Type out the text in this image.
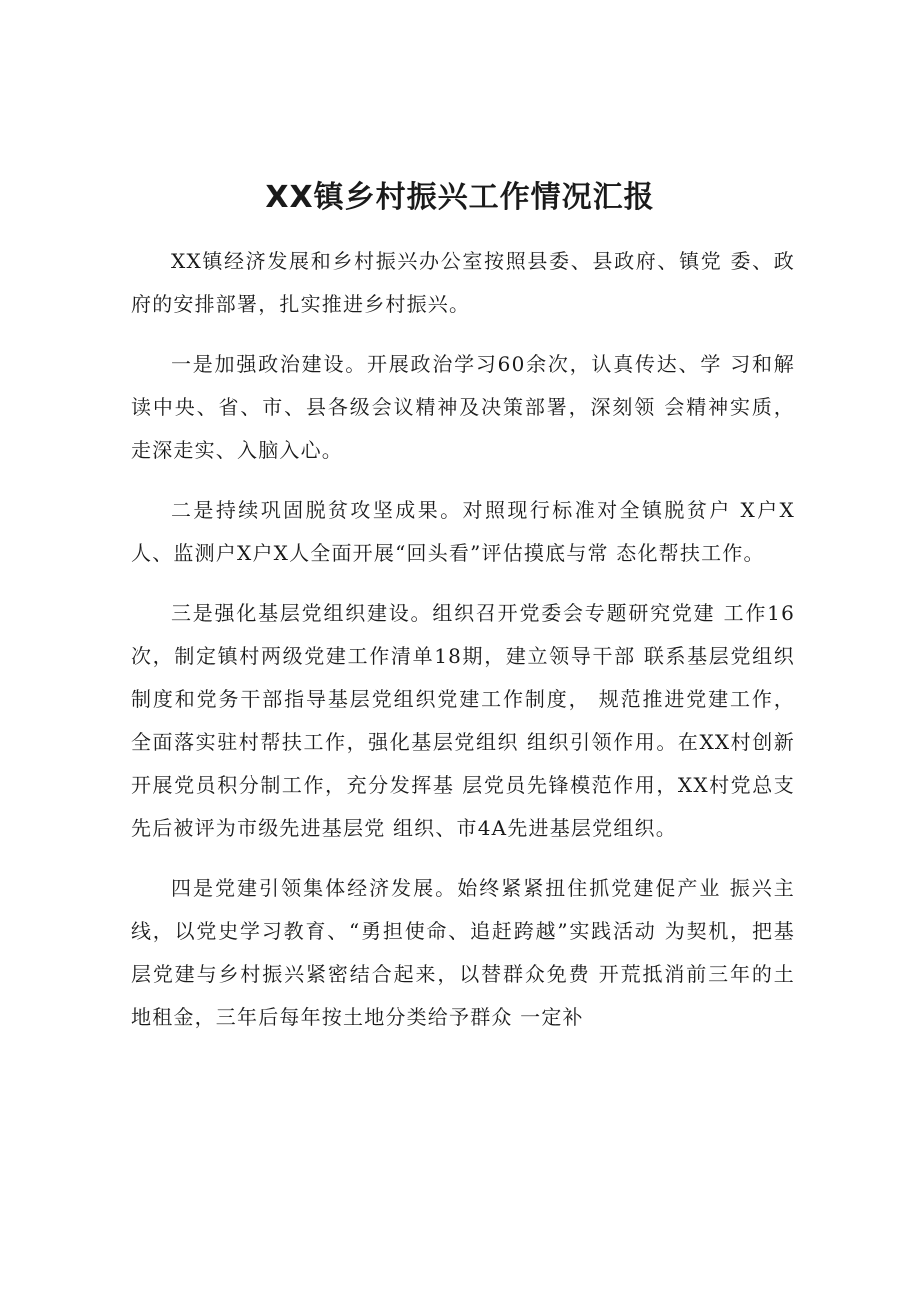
XX镇乡村振兴工作情况汇报

XX镇经济发展和乡村振兴办公室按照县委、县政府、镇党 委、政府的安排部署，扎实推进乡村振兴。

一是加强政治建设。开展政治学习60余次，认真传达、学 习和解读中央、省、市、县各级会议精神及决策部署，深刻领 会精神实质，走深走实、入脑入心。

二是持续巩固脱贫攻坚成果。对照现行标准对全镇脱贫户 X户X人、监测户X户X人全面开展“回头看”评估摸底与常 态化帮扶工作。

三是强化基层党组织建设。组织召开党委会专题研究党建 工作16次，制定镇村两级党建工作清单18期，建立领导干部 联系基层党组织制度和党务干部指导基层党组织党建工作制度， 规范推进党建工作，全面落实驻村帮扶工作，强化基层党组织 组织引领作用。在XX村创新开展党员积分制工作，充分发挥基 层党员先锋模范作用，XX村党总支先后被评为市级先进基层党 组织、市4A先进基层党组织。

四是党建引领集体经济发展。始终紧紧扭住抓党建促产业 振兴主线，以党史学习教育、“勇担使命、追赶跨越”实践活动 为契机，把基层党建与乡村振兴紧密结合起来，以替群众免费 开荒抵消前三年的土地租金，三年后每年按土地分类给予群众 一定补
